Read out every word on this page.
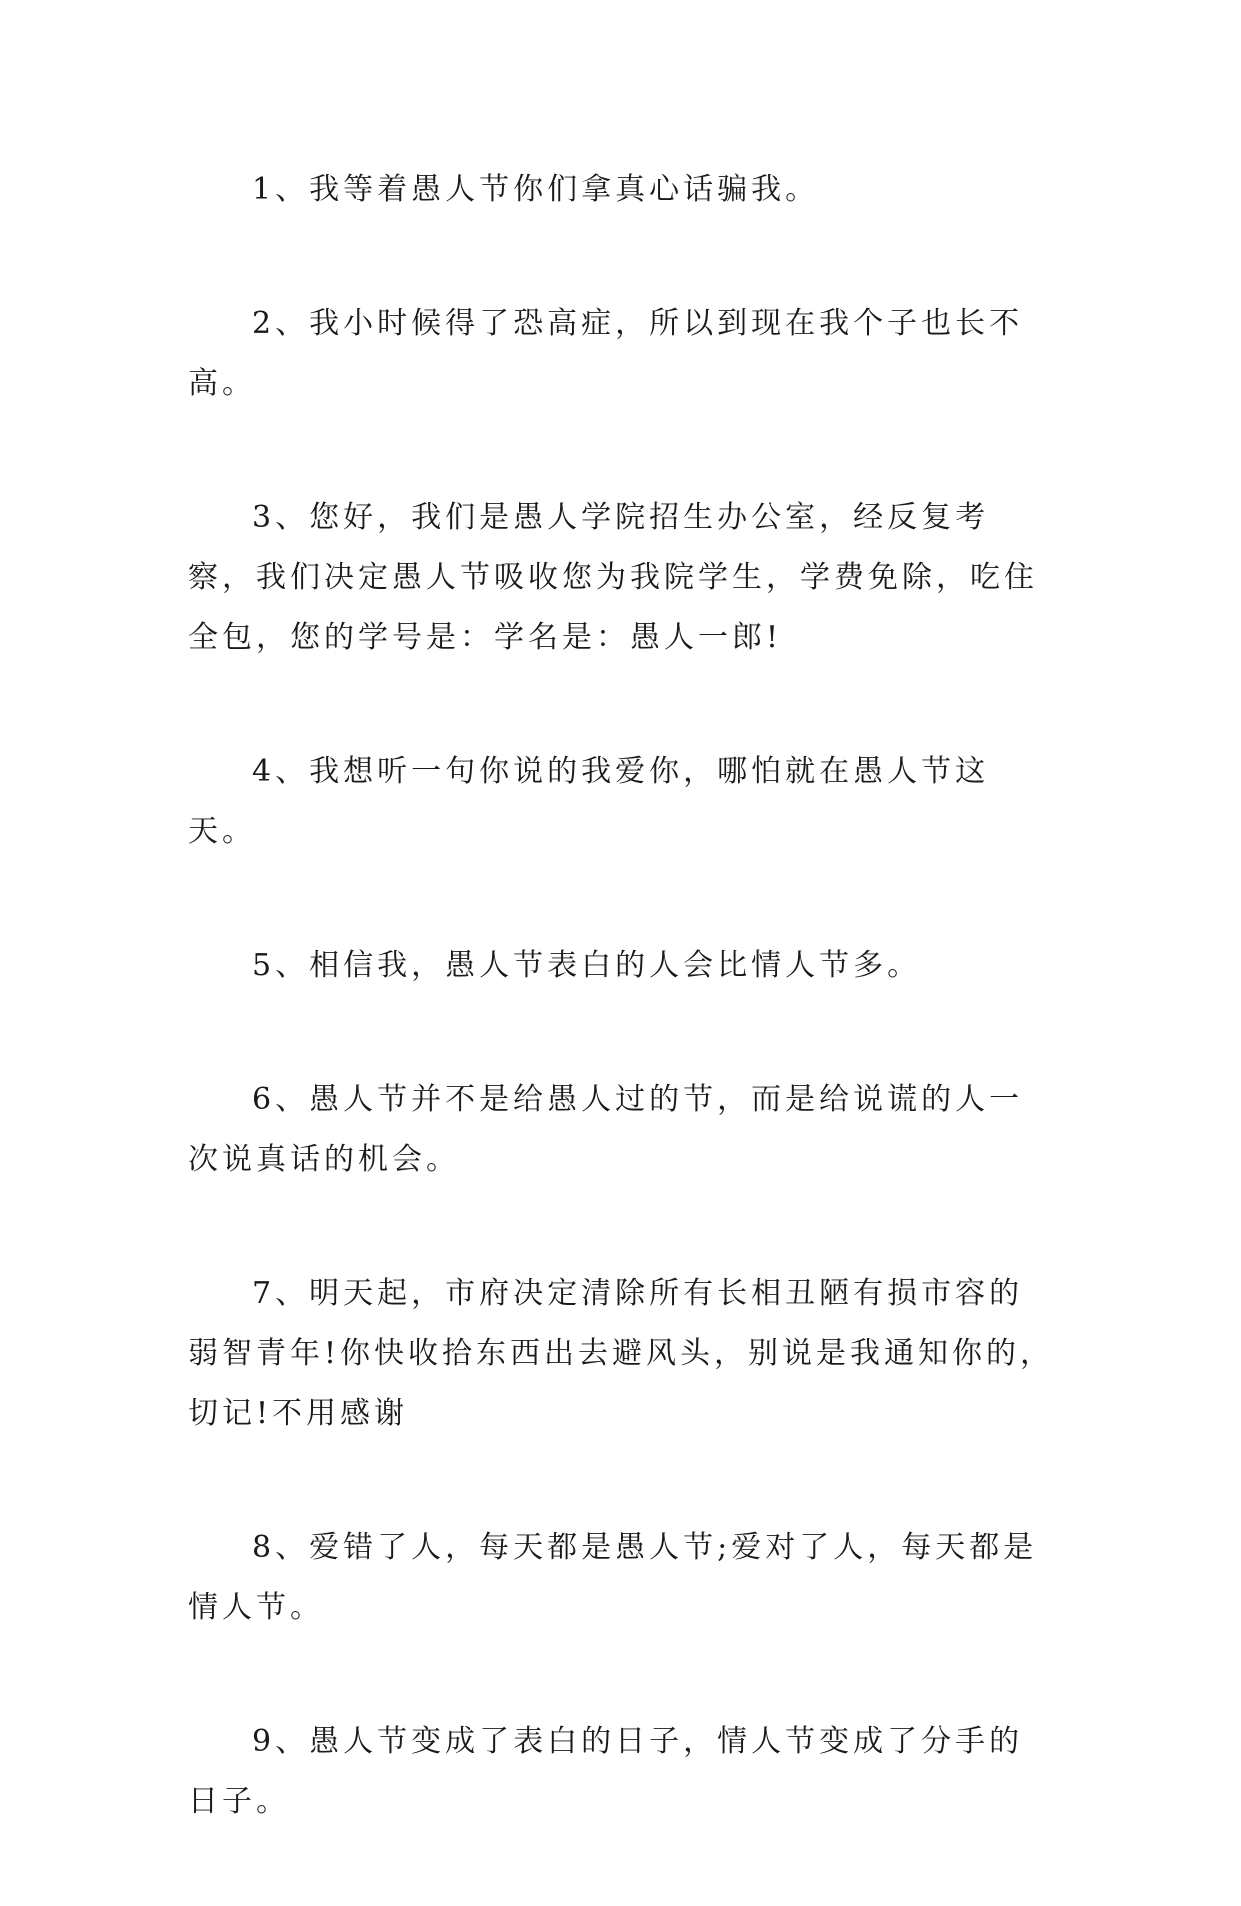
1、我等着愚人节你们拿真心话骗我。

2、我小时候得了恐高症，所以到现在我个子也长不高。

3、您好，我们是愚人学院招生办公室，经反复考察，我们决定愚人节吸收您为我院学生，学费免除，吃住全包，您的学号是：学名是：愚人一郎!

4、我想听一句你说的我爱你，哪怕就在愚人节这天。

5、相信我，愚人节表白的人会比情人节多。

6、愚人节并不是给愚人过的节，而是给说谎的人一次说真话的机会。

7、明天起，市府决定清除所有长相丑陋有损市容的弱智青年!你快收拾东西出去避风头，别说是我通知你的，切记!不用感谢

8、爱错了人，每天都是愚人节;爱对了人，每天都是情人节。

9、愚人节变成了表白的日子，情人节变成了分手的日子。
